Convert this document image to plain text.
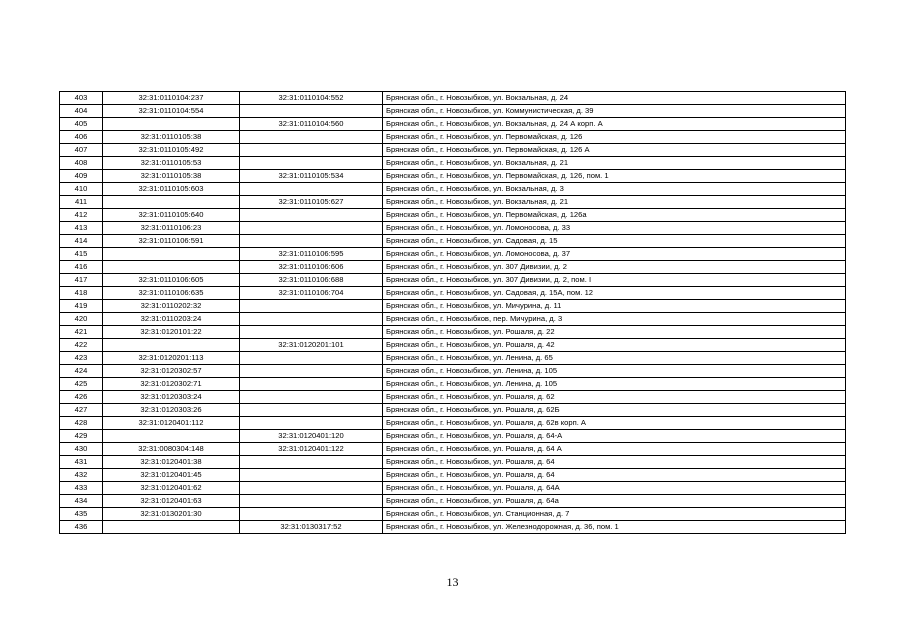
403	32:31:0110104:237	32:31:0110104:552	Брянская обл., г. Новозыбков, ул. Вокзальная, д. 24
404	32:31:0110104:554		Брянская обл., г. Новозыбков, ул. Коммунистическая, д. 39
405		32:31:0110104:560	Брянская обл., г. Новозыбков, ул. Вокзальная, д. 24 А корп. А
406	32:31:0110105:38		Брянская обл., г. Новозыбков, ул. Первомайская, д. 126
407	32:31:0110105:492		Брянская обл., г. Новозыбков, ул. Первомайская, д. 126 А
408	32:31:0110105:53		Брянская обл., г. Новозыбков, ул. Вокзальная, д. 21
409	32:31:0110105:38	32:31:0110105:534	Брянская обл., г. Новозыбков, ул. Первомайская, д. 126, пом. 1
410	32:31:0110105:603		Брянская обл., г. Новозыбков, ул. Вокзальная, д. 3
411		32:31:0110105:627	Брянская обл., г. Новозыбков, ул. Вокзальная, д. 21
412	32:31:0110105:640		Брянская обл., г. Новозыбков, ул. Первомайская, д. 126а
413	32:31:0110106:23		Брянская обл., г. Новозыбков, ул. Ломоносова, д. 33
414	32:31:0110106:591		Брянская обл., г. Новозыбков, ул. Садовая, д. 15
415		32:31:0110106:595	Брянская обл., г. Новозыбков, ул. Ломоносова, д. 37
416		32:31:0110106:606	Брянская обл., г. Новозыбков, ул. 307 Дивизии, д. 2
417	32:31:0110106:605	32:31:0110106:688	Брянская обл., г. Новозыбков, ул. 307 Дивизии, д. 2, пом. I
418	32:31:0110106:635	32:31:0110106:704	Брянская обл., г. Новозыбков, ул. Садовая, д. 15А, пом. 12
419	32:31:0110202:32		Брянская обл., г. Новозыбков, ул. Мичурина, д. 11
420	32:31:0110203:24		Брянская обл., г. Новозыбков, пер. Мичурина, д. 3
421	32:31:0120101:22		Брянская обл., г. Новозыбков, ул. Рошаля, д. 22
422		32:31:0120201:101	Брянская обл., г. Новозыбков, ул. Рошаля, д. 42
423	32:31:0120201:113		Брянская обл., г. Новозыбков, ул. Ленина, д. 65
424	32:31:0120302:57		Брянская обл., г. Новозыбков, ул. Ленина, д. 105
425	32:31:0120302:71		Брянская обл., г. Новозыбков, ул. Ленина, д. 105
426	32:31:0120303:24		Брянская обл., г. Новозыбков, ул. Рошаля, д. 62
427	32:31:0120303:26		Брянская обл., г. Новозыбков, ул. Рошаля, д. 62Б
428	32:31:0120401:112		Брянская обл., г. Новозыбков, ул. Рошаля, д. 62в корп. А
429		32:31:0120401:120	Брянская обл., г. Новозыбков, ул. Рошаля, д. 64-А
430	32:31:0080304:148	32:31:0120401:122	Брянская обл., г. Новозыбков, ул. Рошаля, д. 64 А
431	32:31:0120401:38		Брянская обл., г. Новозыбков, ул. Рошаля, д. 64
432	32:31:0120401:45		Брянская обл., г. Новозыбков, ул. Рошаля, д. 64
433	32:31:0120401:62		Брянская обл., г. Новозыбков, ул. Рошаля, д. 64А
434	32:31:0120401:63		Брянская обл., г. Новозыбков, ул. Рошаля, д. 64а
435	32:31:0130201:30		Брянская обл., г. Новозыбков, ул. Станционная, д. 7
436		32:31:0130317:52	Брянская обл., г. Новозыбков, ул. Железнодорожная, д. 36, пом. 1
13
